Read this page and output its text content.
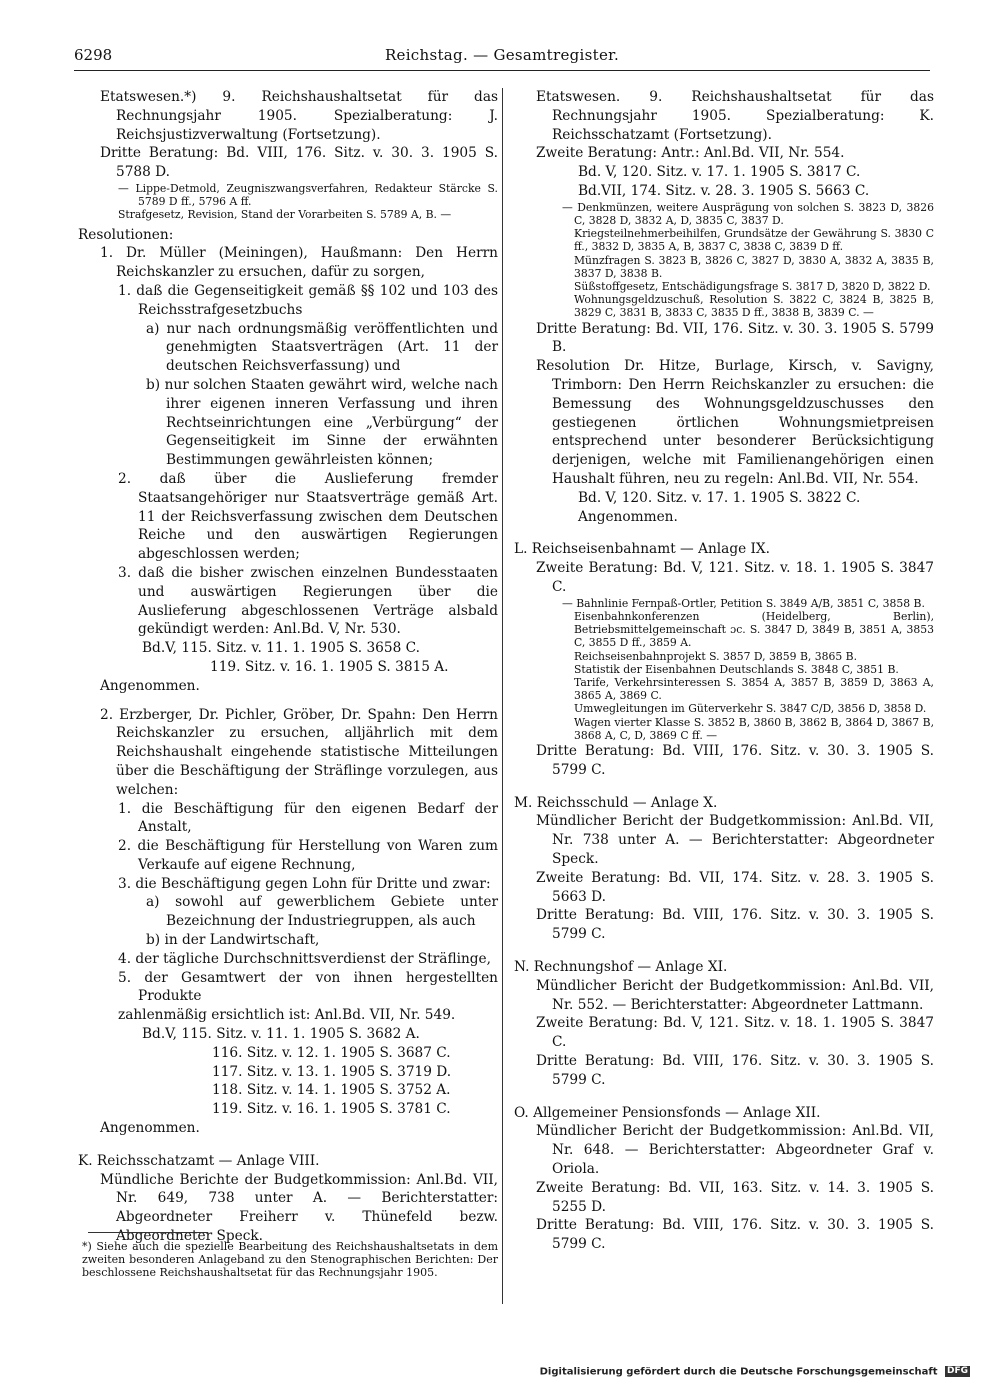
6298	Reichstag. — Gesamtregister.

Etatswesen.*) 9. Reichshaushaltsetat für das Rechnungsjahr 1905. Spezialberatung: J. Reichsjustizverwaltung (Fortsetzung).

Dritte Beratung: Bd. VIII, 176. Sitz. v. 30. 3. 1905 S. 5788 D.

— Lippe-Detmold, Zeugniszwangsverfahren, Redakteur Stärcke S. 5789 D ff., 5796 A ff.

Strafgesetz, Revision, Stand der Vorarbeiten S. 5789 A, B. —

Resolutionen:

1. Dr. Müller (Meiningen), Haußmann: Den Herrn Reichskanzler zu ersuchen, dafür zu sorgen,

1. daß die Gegenseitigkeit gemäß §§ 102 und 103 des Reichsstrafgesetzbuchs

a) nur nach ordnungsmäßig veröffentlichten und genehmigten Staatsverträgen (Art. 11 der deutschen Reichsverfassung) und

b) nur solchen Staaten gewährt wird, welche nach ihrer eigenen inneren Verfassung und ihren Rechtseinrichtungen eine „Verbürgung“ der Gegenseitigkeit im Sinne der erwähnten Bestimmungen gewährleisten können;

2. daß über die Auslieferung fremder Staatsangehöriger nur Staatsverträge gemäß Art. 11 der Reichsverfassung zwischen dem Deutschen Reiche und den auswärtigen Regierungen abgeschlossen werden;

3. daß die bisher zwischen einzelnen Bundesstaaten und auswärtigen Regierungen über die Auslieferung abgeschlossenen Verträge alsbald gekündigt werden: Anl.Bd. V, Nr. 530.

Bd.V, 115. Sitz. v. 11. 1. 1905 S. 3658 C.

119. Sitz. v. 16. 1. 1905 S. 3815 A.

Angenommen.

2. Erzberger, Dr. Pichler, Gröber, Dr. Spahn: Den Herrn Reichskanzler zu ersuchen, alljährlich mit dem Reichshaushalt eingehende statistische Mitteilungen über die Beschäftigung der Sträflinge vorzulegen, aus welchen:

1. die Beschäftigung für den eigenen Bedarf der Anstalt,

2. die Beschäftigung für Herstellung von Waren zum Verkaufe auf eigene Rechnung,

3. die Beschäftigung gegen Lohn für Dritte und zwar:

a) sowohl auf gewerblichem Gebiete unter Bezeichnung der Industriegruppen, als auch

b) in der Landwirtschaft,

4. der tägliche Durchschnittsverdienst der Sträflinge,

5. der Gesamtwert der von ihnen hergestellten Produkte

zahlenmäßig ersichtlich ist: Anl.Bd. VII, Nr. 549.

Bd.V, 115. Sitz. v. 11. 1. 1905 S. 3682 A.

116. Sitz. v. 12. 1. 1905 S. 3687 C.

117. Sitz. v. 13. 1. 1905 S. 3719 D.

118. Sitz. v. 14. 1. 1905 S. 3752 A.

119. Sitz. v. 16. 1. 1905 S. 3781 C.

Angenommen.

K. Reichsschatzamt — Anlage VIII.

Mündliche Berichte der Budgetkommission: Anl.Bd. VII, Nr. 649, 738 unter A. — Berichterstatter: Abgeordneter Freiherr v. Thünefeld bezw. Abgeordneter Speck.

*) Siehe auch die spezielle Bearbeitung des Reichshaushaltsetats in dem zweiten besonderen Anlageband zu den Stenographischen Berichten: Der beschlossene Reichshaushaltsetat für das Rechnungsjahr 1905.

Etatswesen. 9. Reichshaushaltsetat für das Rechnungsjahr 1905. Spezialberatung: K. Reichsschatzamt (Fortsetzung).

Zweite Beratung: Antr.: Anl.Bd. VII, Nr. 554.

Bd. V, 120. Sitz. v. 17. 1. 1905 S. 3817 C.

Bd.VII, 174. Sitz. v. 28. 3. 1905 S. 5663 C.

— Denkmünzen, weitere Ausprägung von solchen S. 3823 D, 3826 C, 3828 D, 3832 A, D, 3835 C, 3837 D.

Kriegsteilnehmerbeihilfen, Grundsätze der Gewährung S. 3830 C ff., 3832 D, 3835 A, B, 3837 C, 3838 C, 3839 D ff.

Münzfragen S. 3823 B, 3826 C, 3827 D, 3830 A, 3832 A, 3835 B, 3837 D, 3838 B.

Süßstoffgesetz, Entschädigungsfrage S. 3817 D, 3820 D, 3822 D.

Wohnungsgeldzuschuß, Resolution S. 3822 C, 3824 B, 3825 B, 3829 C, 3831 B, 3833 C, 3835 D ff., 3838 B, 3839 C. —

Dritte Beratung: Bd. VII, 176. Sitz. v. 30. 3. 1905 S. 5799 B.

Resolution Dr. Hitze, Burlage, Kirsch, v. Savigny, Trimborn: Den Herrn Reichskanzler zu ersuchen: die Bemessung des Wohnungsgeldzuschusses den gestiegenen örtlichen Wohnungsmietpreisen entsprechend unter besonderer Berücksichtigung derjenigen, welche mit Familienangehörigen einen Haushalt führen, neu zu regeln: Anl.Bd. VII, Nr. 554.

Bd. V, 120. Sitz. v. 17. 1. 1905 S. 3822 C.

Angenommen.

L. Reichseisenbahnamt — Anlage IX.

Zweite Beratung: Bd. V, 121. Sitz. v. 18. 1. 1905 S. 3847 C.

— Bahnlinie Fernpaß-Ortler, Petition S. 3849 A/B, 3851 C, 3858 B.

Eisenbahnkonferenzen (Heidelberg, Berlin), Betriebsmittelgemeinschaft ɔc. S. 3847 D, 3849 B, 3851 A, 3853 C, 3855 D ff., 3859 A.

Reichseisenbahnprojekt S. 3857 D, 3859 B, 3865 B.

Statistik der Eisenbahnen Deutschlands S. 3848 C, 3851 B.

Tarife, Verkehrsinteressen S. 3854 A, 3857 B, 3859 D, 3863 A, 3865 A, 3869 C.

Umwegleitungen im Güterverkehr S. 3847 C/D, 3856 D, 3858 D.

Wagen vierter Klasse S. 3852 B, 3860 B, 3862 B, 3864 D, 3867 B, 3868 A, C, D, 3869 C ff. —

Dritte Beratung: Bd. VIII, 176. Sitz. v. 30. 3. 1905 S. 5799 C.

M. Reichsschuld — Anlage X.

Mündlicher Bericht der Budgetkommission: Anl.Bd. VII, Nr. 738 unter A. — Berichterstatter: Abgeordneter Speck.

Zweite Beratung: Bd. VII, 174. Sitz. v. 28. 3. 1905 S. 5663 D.

Dritte Beratung: Bd. VIII, 176. Sitz. v. 30. 3. 1905 S. 5799 C.

N. Rechnungshof — Anlage XI.

Mündlicher Bericht der Budgetkommission: Anl.Bd. VII, Nr. 552. — Berichterstatter: Abgeordneter Lattmann.

Zweite Beratung: Bd. V, 121. Sitz. v. 18. 1. 1905 S. 3847 C.

Dritte Beratung: Bd. VIII, 176. Sitz. v. 30. 3. 1905 S. 5799 C.

O. Allgemeiner Pensionsfonds — Anlage XII.

Mündlicher Bericht der Budgetkommission: Anl.Bd. VII, Nr. 648. — Berichterstatter: Abgeordneter Graf v. Oriola.

Zweite Beratung: Bd. VII, 163. Sitz. v. 14. 3. 1905 S. 5255 D.

Dritte Beratung: Bd. VIII, 176. Sitz. v. 30. 3. 1905 S. 5799 C.

Digitalisierung gefördert durch die Deutsche Forschungsgemeinschaft DFG
